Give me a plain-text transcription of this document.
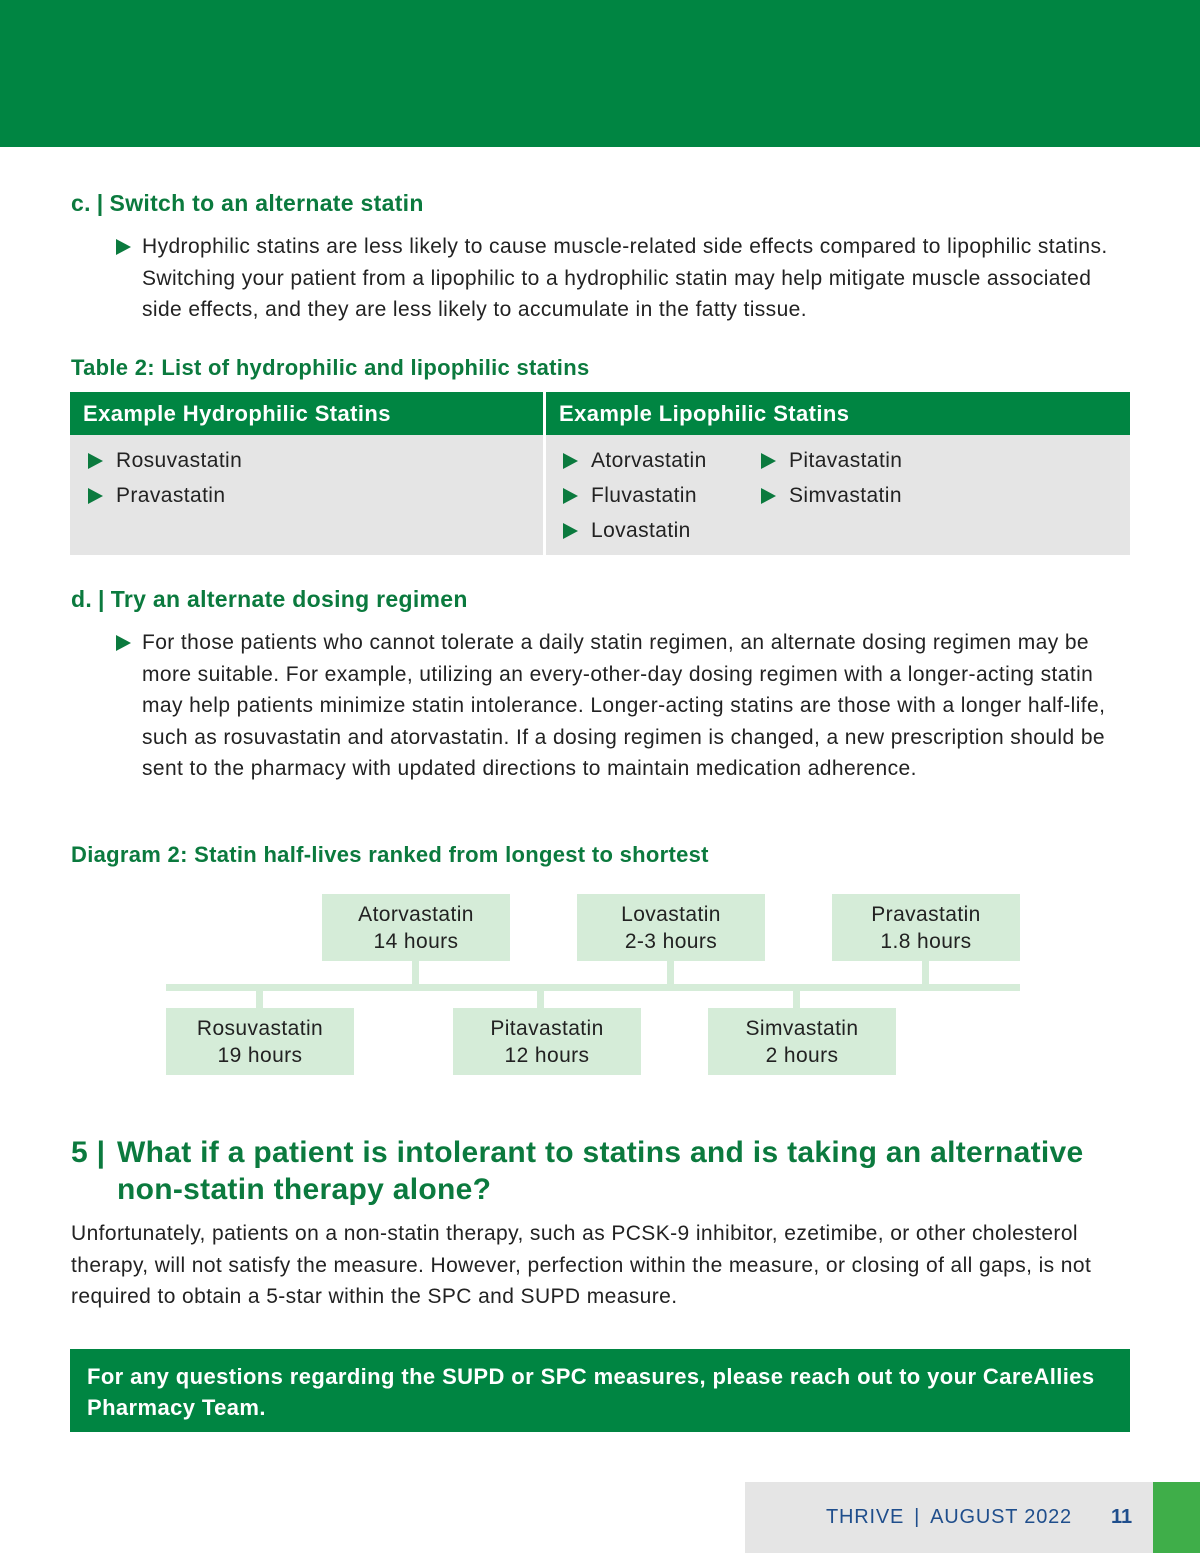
c. | Switch to an alternate statin
Hydrophilic statins are less likely to cause muscle-related side effects compared to lipophilic statins. Switching your patient from a lipophilic to a hydrophilic statin may help mitigate muscle associated side effects, and they are less likely to accumulate in the fatty tissue.
Table 2: List of hydrophilic and lipophilic statins
Example Hydrophilic Statins
Rosuvastatin
Pravastatin
Example Lipophilic Statins
Atorvastatin	Pitavastatin
Fluvastatin	Simvastatin
Lovastatin
d. | Try an alternate dosing regimen
For those patients who cannot tolerate a daily statin regimen, an alternate dosing regimen may be more suitable. For example, utilizing an every-other-day dosing regimen with a longer-acting statin may help patients minimize statin intolerance. Longer-acting statins are those with a longer half-life, such as rosuvastatin and atorvastatin. If a dosing regimen is changed, a new prescription should be sent to the pharmacy with updated directions to maintain medication adherence.
Diagram 2: Statin half-lives ranked from longest to shortest
Atorvastatin
14 hours
Lovastatin
2-3 hours
Pravastatin
1.8 hours
Rosuvastatin
19 hours
Pitavastatin
12 hours
Simvastatin
2 hours
5 | What if a patient is intolerant to statins and is taking an alternative non-statin therapy alone?
Unfortunately, patients on a non-statin therapy, such as PCSK-9 inhibitor, ezetimibe, or other cholesterol therapy, will not satisfy the measure. However, perfection within the measure, or closing of all gaps, is not required to obtain a 5-star within the SPC and SUPD measure.
For any questions regarding the SUPD or SPC measures, please reach out to your CareAllies Pharmacy Team.
THRIVE | AUGUST 2022 11
